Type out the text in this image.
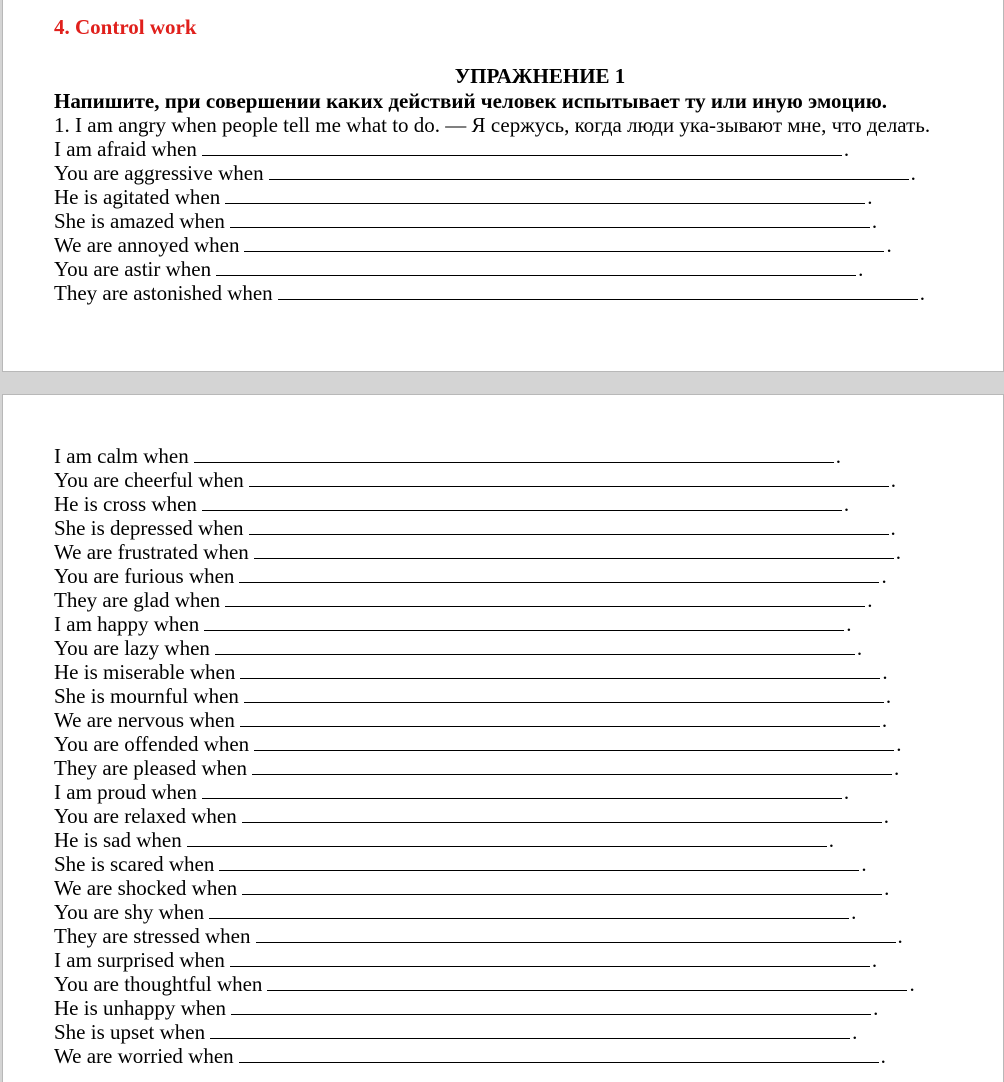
4. Control work

УПРАЖНЕНИЕ 1

Напишите, при совершении каких действий человек испытывает ту или иную эмоцию.

1. I am angry when people tell me what to do. — Я сержусь, когда люди ука-зывают мне, что делать.

I am afraid when	.
You are aggressive when	.
He is agitated when	.
She is amazed when	.
We are annoyed when	.
You are astir when	.
They are astonished when	.
I am calm when	.
You are cheerful when	.
He is cross when	.
She is depressed when	.
We are frustrated when	.
You are furious when	.
They are glad when	.
I am happy when	.
You are lazy when	.
He is miserable when	.
She is mournful when	.
We are nervous when	.
You are offended when	.
They are pleased when	.
I am proud when	.
You are relaxed when	.
He is sad when	.
She is scared when	.
We are shocked when	.
You are shy when	.
They are stressed when	.
I am surprised when	.
You are thoughtful when	.
He is unhappy when	.
She is upset when	.
We are worried when	.
